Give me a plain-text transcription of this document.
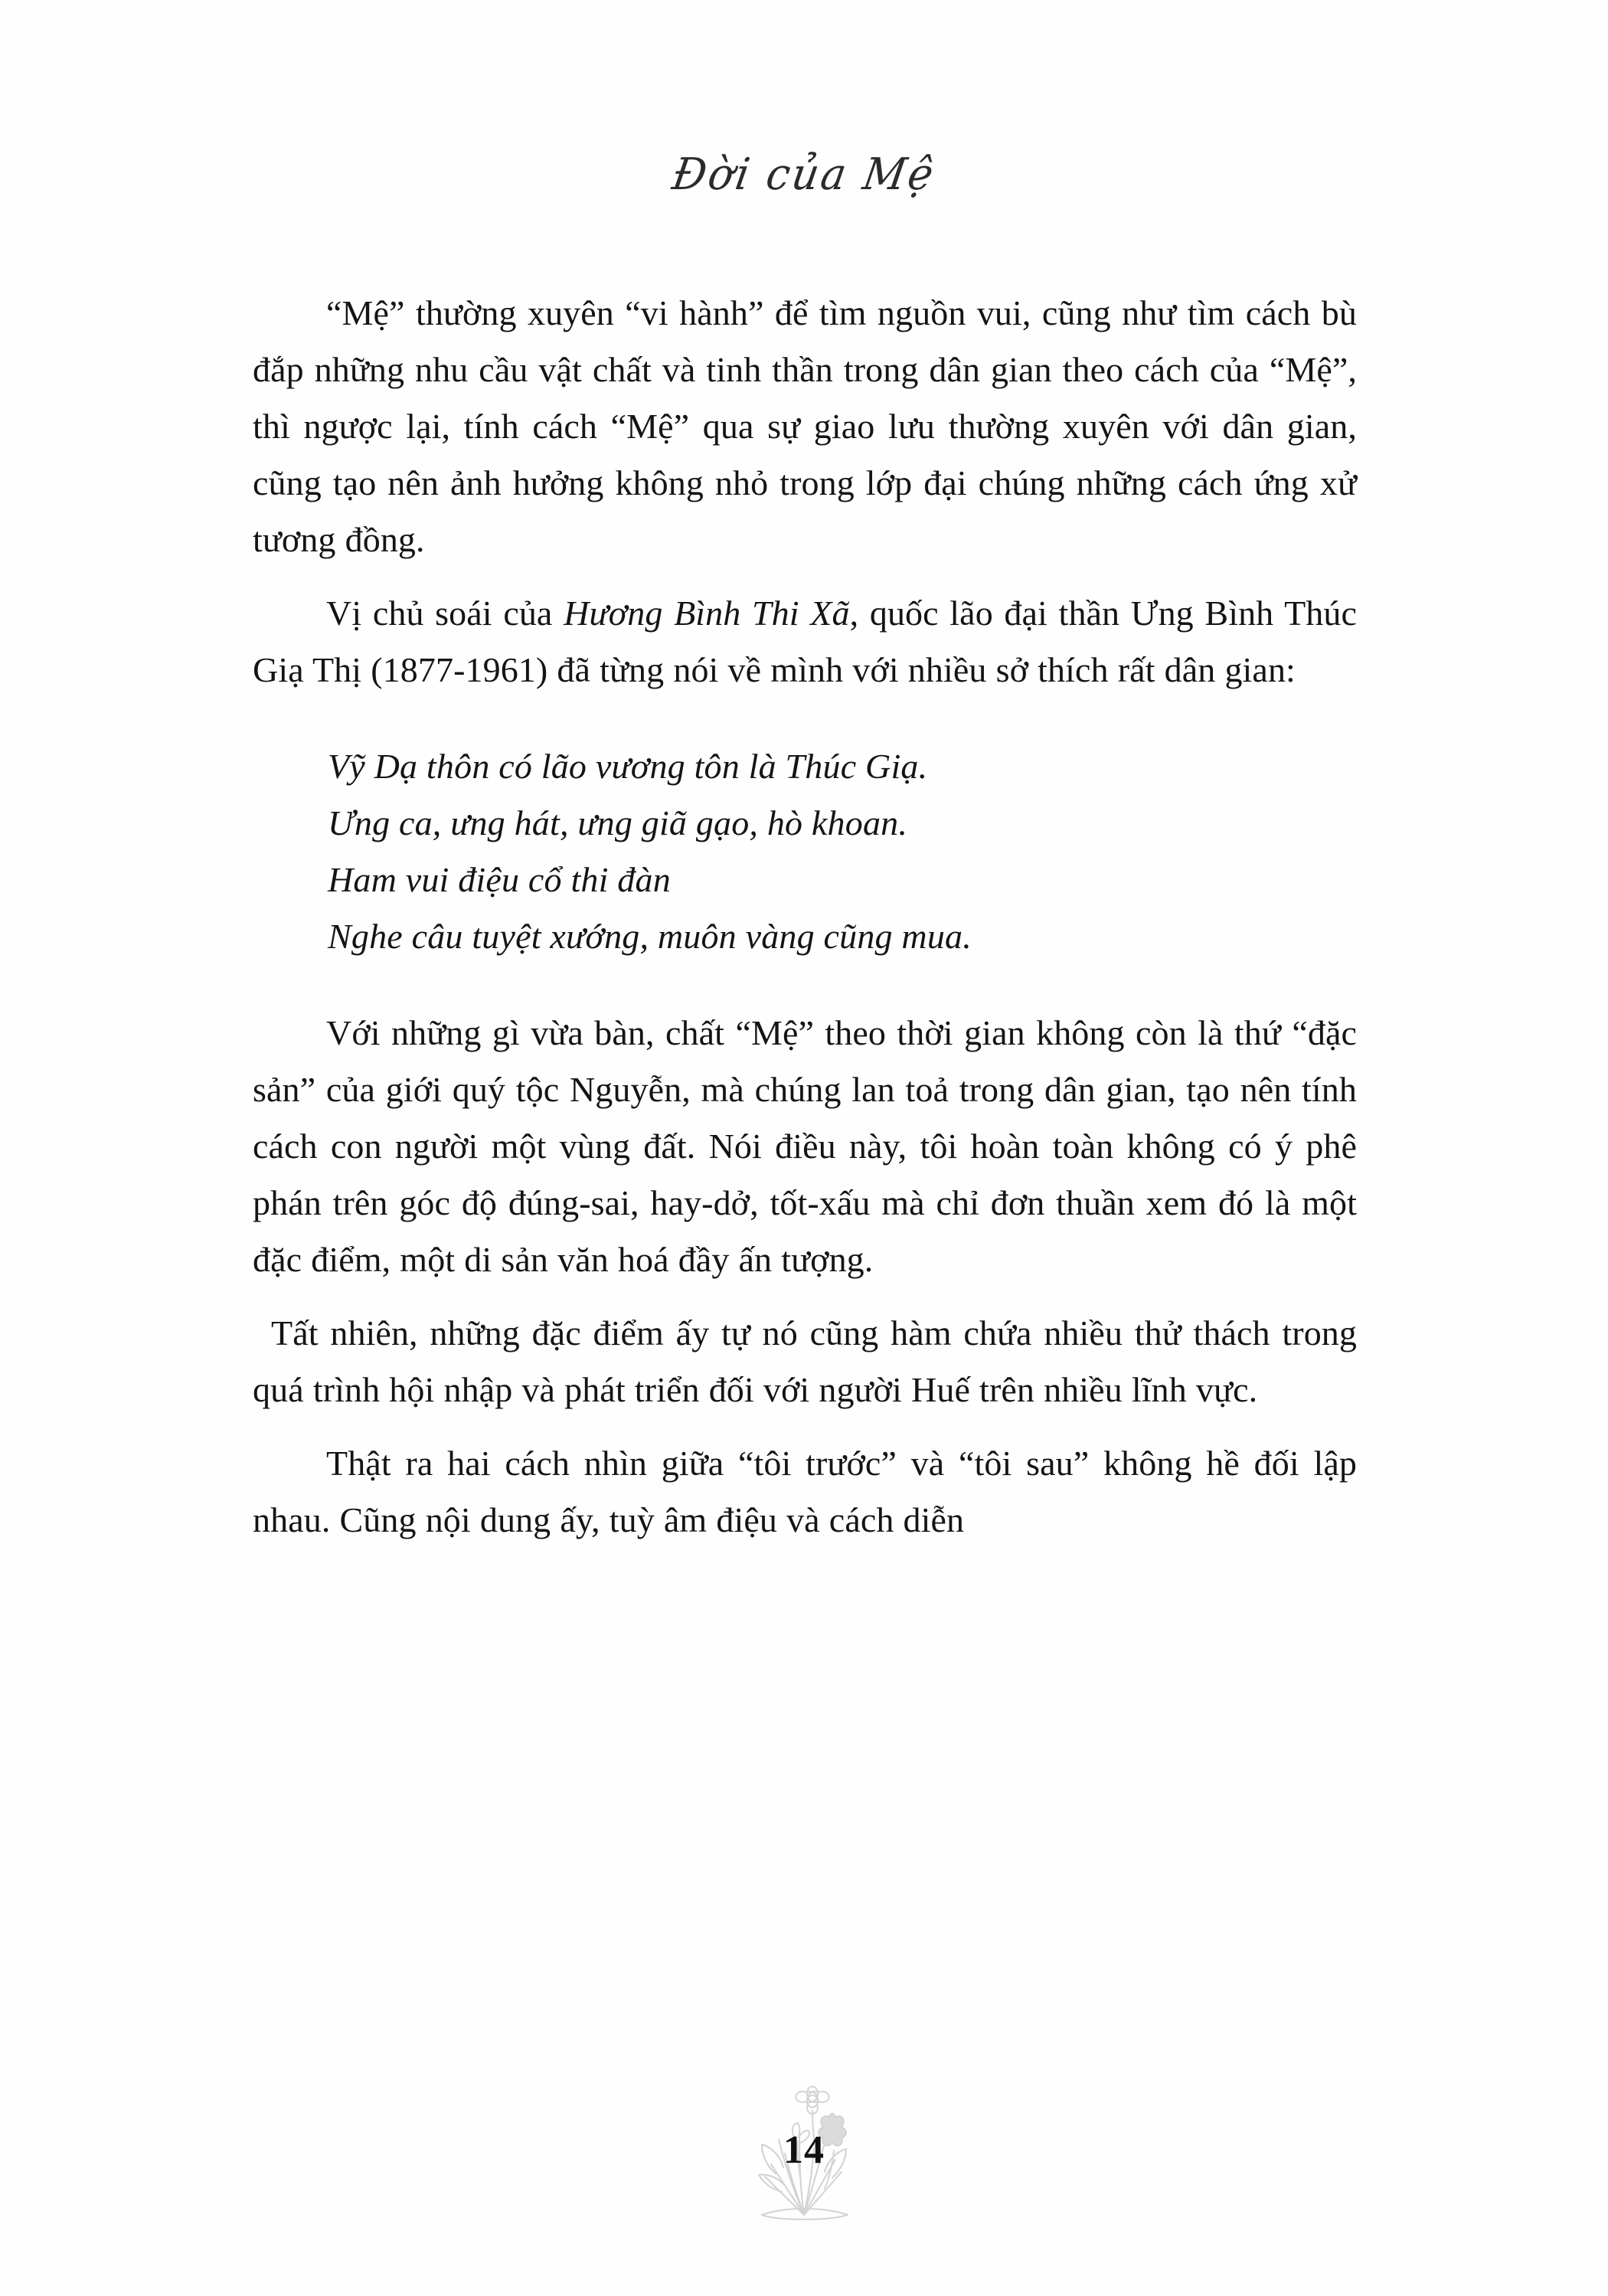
Đời của Mệ

“Mệ” thường xuyên “vi hành” để tìm nguồn vui, cũng như tìm cách bù đắp những nhu cầu vật chất và tinh thần trong dân gian theo cách của “Mệ”, thì ngược lại, tính cách “Mệ” qua sự giao lưu thường xuyên với dân gian, cũng tạo nên ảnh hưởng không nhỏ trong lớp đại chúng những cách ứng xử tương đồng.

Vị chủ soái của Hương Bình Thi Xã, quốc lão đại thần Ưng Bình Thúc Giạ Thị (1877-1961) đã từng nói về mình với nhiều sở thích rất dân gian:

Vỹ Dạ thôn có lão vương tôn là Thúc Giạ.
Ưng ca, ưng hát, ưng giã gạo, hò khoan.
Ham vui điệu cổ thi đàn
Nghe câu tuyệt xướng, muôn vàng cũng mua.

Với những gì vừa bàn, chất “Mệ” theo thời gian không còn là thứ “đặc sản” của giới quý tộc Nguyễn, mà chúng lan toả trong dân gian, tạo nên tính cách con người một vùng đất. Nói điều này, tôi hoàn toàn không có ý phê phán trên góc độ đúng-sai, hay-dở, tốt-xấu mà chỉ đơn thuần xem đó là một đặc điểm, một di sản văn hoá đầy ấn tượng.

Tất nhiên, những đặc điểm ấy tự nó cũng hàm chứa nhiều thử thách trong quá trình hội nhập và phát triển đối với người Huế trên nhiều lĩnh vực.

Thật ra hai cách nhìn giữa “tôi trước” và “tôi sau” không hề đối lập nhau. Cũng nội dung ấy, tuỳ âm điệu và cách diễn

14
